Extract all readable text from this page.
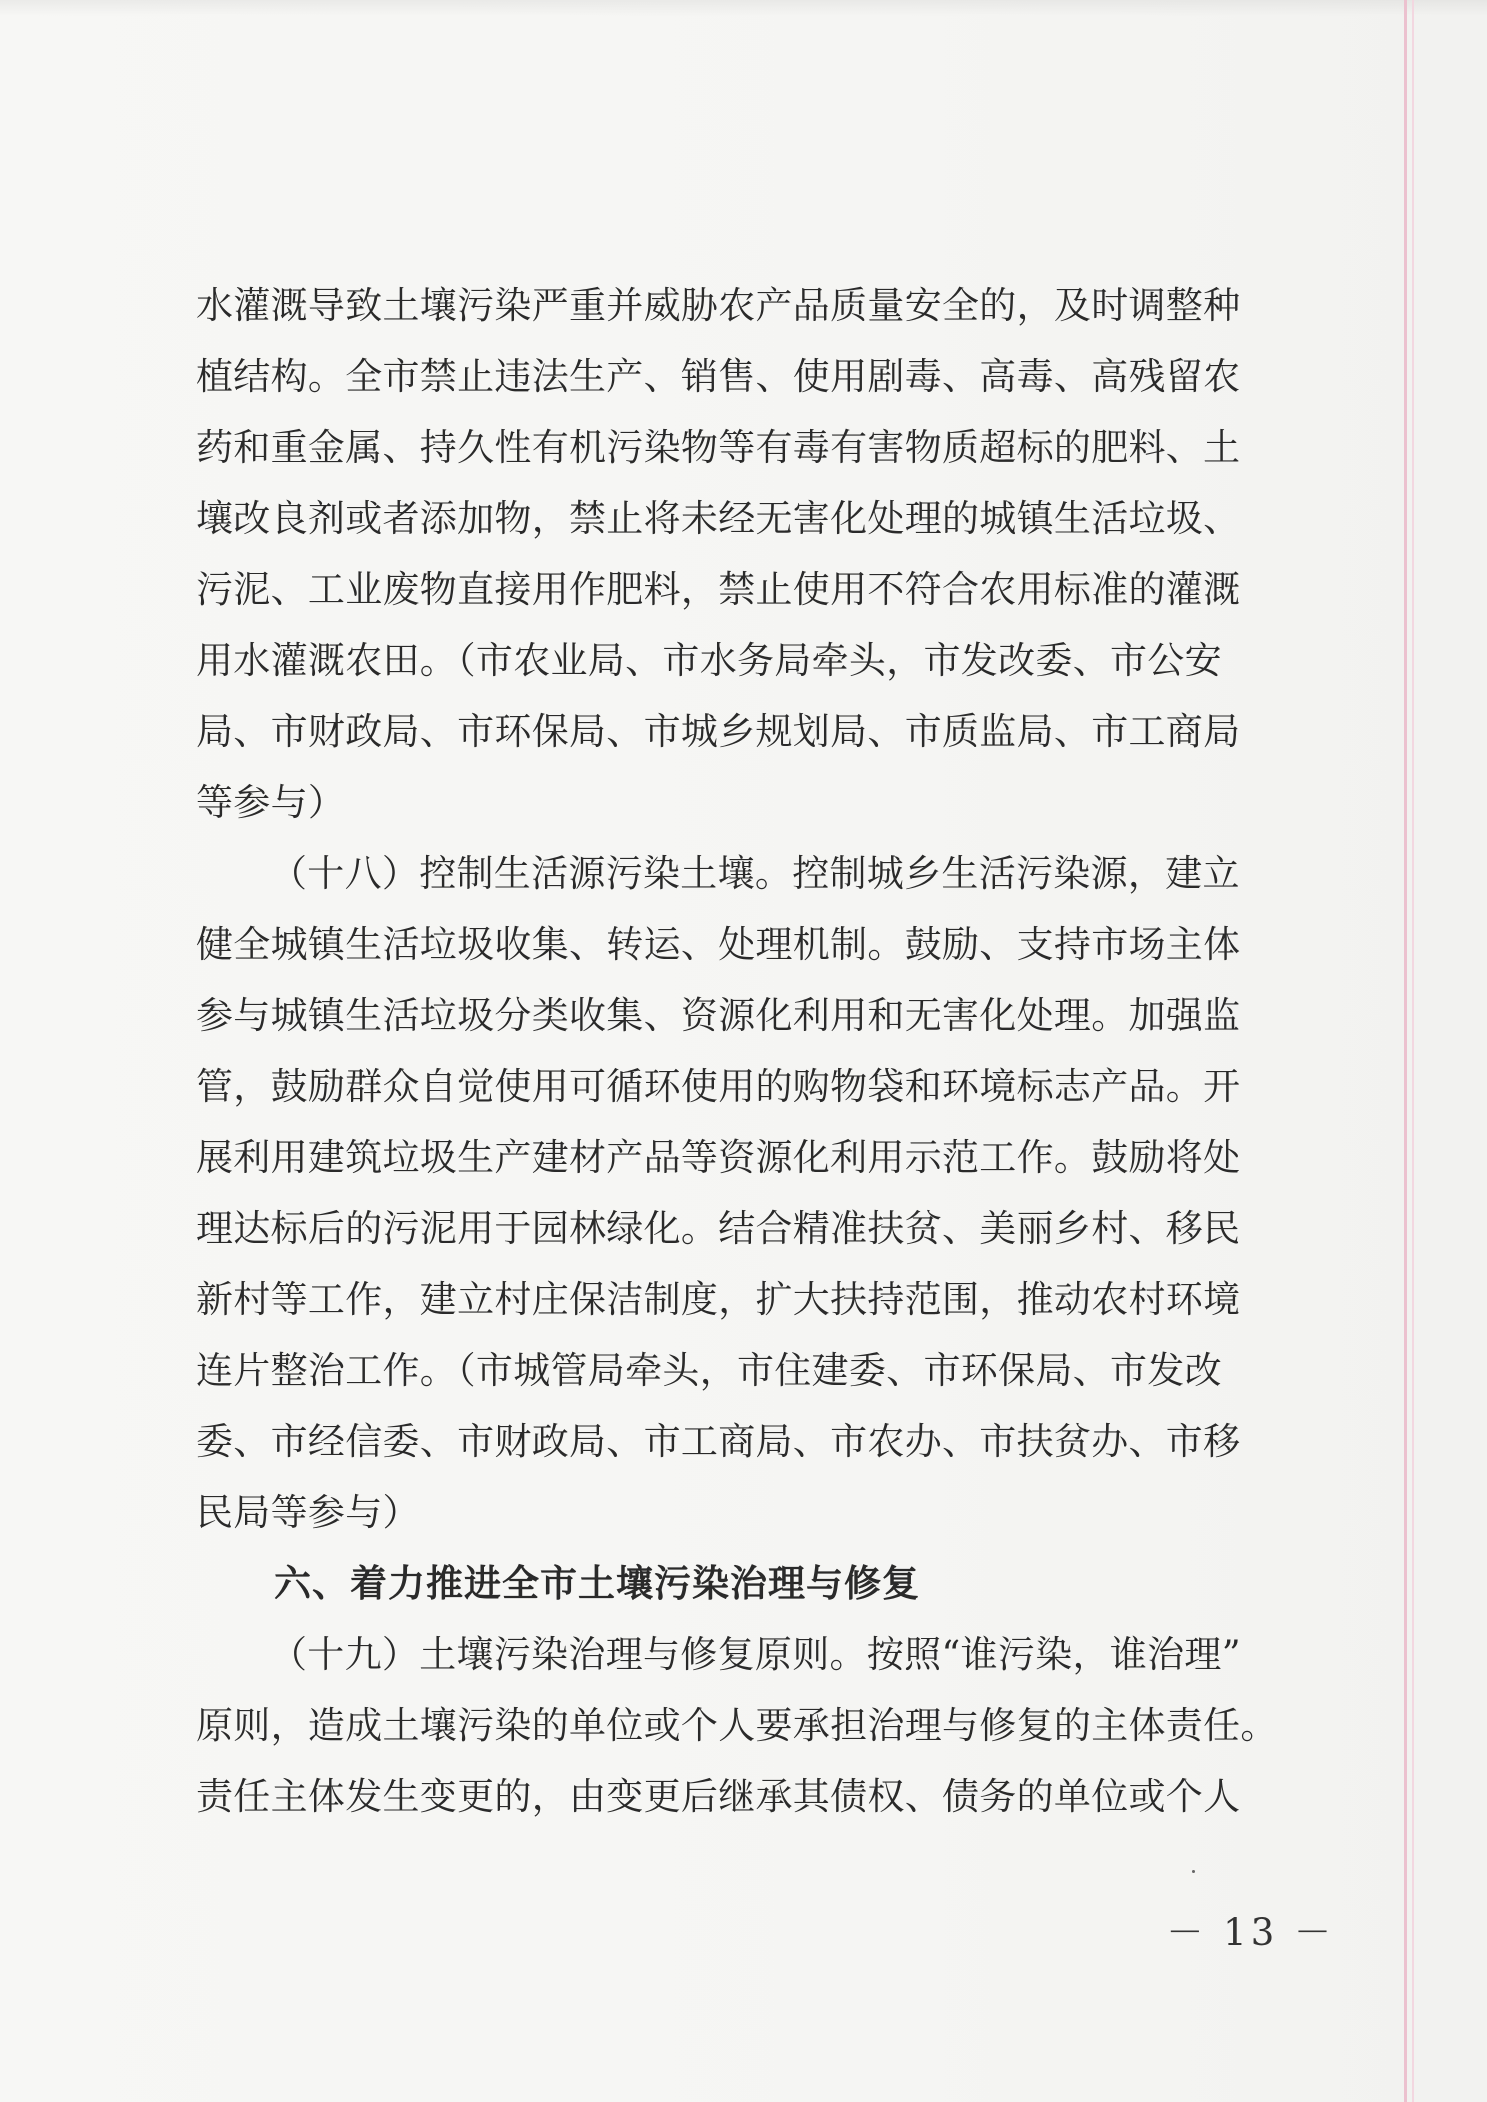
水灌溉导致土壤污染严重并威胁农产品质量安全的，及时调整种
植结构。全市禁止违法生产、销售、使用剧毒、高毒、高残留农
药和重金属、持久性有机污染物等有毒有害物质超标的肥料、土
壤改良剂或者添加物，禁止将未经无害化处理的城镇生活垃圾、
污泥、工业废物直接用作肥料，禁止使用不符合农用标准的灌溉
用水灌溉农田。（市农业局、市水务局牵头，市发改委、市公安
局、市财政局、市环保局、市城乡规划局、市质监局、市工商局
等参与）
（十八）控制生活源污染土壤。控制城乡生活污染源，建立
健全城镇生活垃圾收集、转运、处理机制。鼓励、支持市场主体
参与城镇生活垃圾分类收集、资源化利用和无害化处理。加强监
管，鼓励群众自觉使用可循环使用的购物袋和环境标志产品。开
展利用建筑垃圾生产建材产品等资源化利用示范工作。鼓励将处
理达标后的污泥用于园林绿化。结合精准扶贫、美丽乡村、移民
新村等工作，建立村庄保洁制度，扩大扶持范围，推动农村环境
连片整治工作。（市城管局牵头，市住建委、市环保局、市发改
委、市经信委、市财政局、市工商局、市农办、市扶贫办、市移
民局等参与）
六、着力推进全市土壤污染治理与修复
（十九）土壤污染治理与修复原则。按照“谁污染，谁治理”
原则，造成土壤污染的单位或个人要承担治理与修复的主体责任。
责任主体发生变更的，由变更后继承其债权、债务的单位或个人
－ 13 －
